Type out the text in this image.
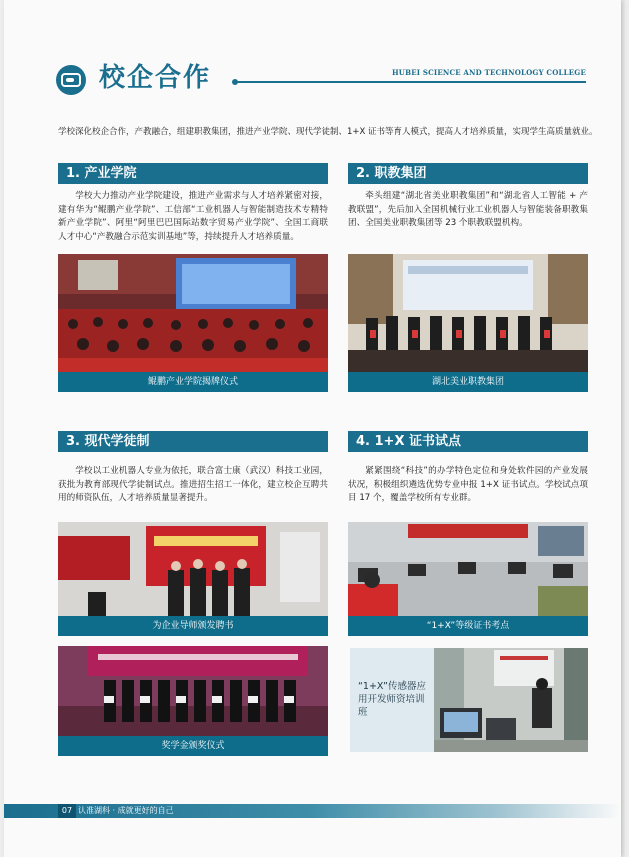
校企合作	HUBEI SCIENCE AND TECHNOLOGY COLLEGE
学校深化校企合作，产教融合，组建职教集团，推进产业学院、现代学徒制、1+X 证书等育人模式，提高人才培养质量，实现学生高质量就业。
1. 产业学院
学校大力推动产业学院建设，推进产业需求与人才培养紧密对接，建有华为“鲲鹏产业学院”、工信部“工业机器人与智能制造技术专精特新产业学院”、阿里“阿里巴巴国际站数字贸易产业学院”、全国工商联人才中心“产教融合示范实训基地”等，持续提升人才培养质量。
鲲鹏产业学院揭牌仪式
2. 职教集团
牵头组建“湖北省美业职教集团”和“湖北省人工智能 + 产教联盟”，先后加入全国机械行业工业机器人与智能装备职教集团、全国美业职教集团等 23 个职教联盟机构。
湖北美业职教集团
3. 现代学徒制
学校以工业机器人专业为依托，联合富士康（武汉）科技工业园，获批为教育部现代学徒制试点。推进招生招工一体化，建立校企互聘共用的师资队伍，人才培养质量显著提升。
为企业导师颁发聘书
奖学金颁奖仪式
4. 1+X 证书试点
紧紧围绕“科技”的办学特色定位和身处软件园的产业发展状况，积极组织遴选优势专业申报 1+X 证书试点。学校试点项目 17 个，覆盖学校所有专业群。
“1+X”等级证书考点
“1+X”传感器应用开发师资培训班
07 认准湖科 · 成就更好的自己
